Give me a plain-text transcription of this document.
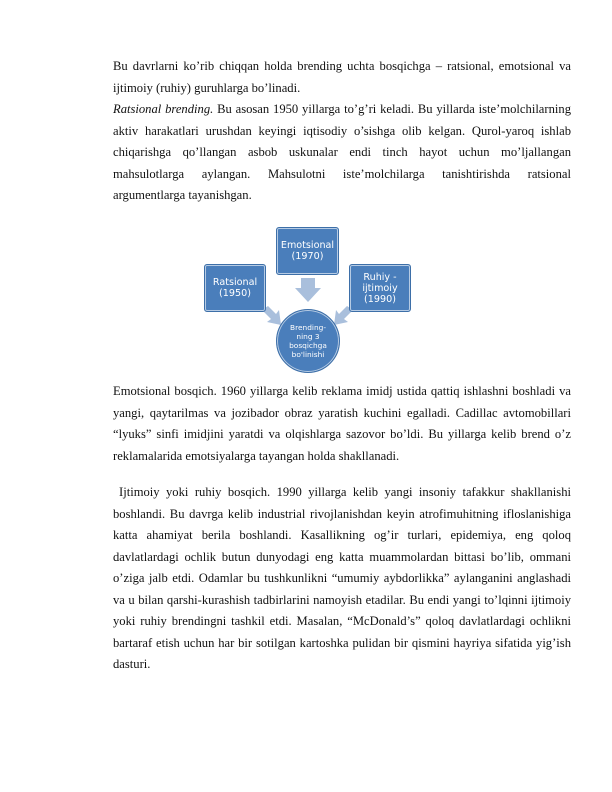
Bu davrlarni ko’rib chiqqan holda brending uchta bosqichga – ratsional, emotsional va ijtimoiy (ruhiy) guruhlarga bo’linadi.

Ratsional brending. Bu asosan 1950 yillarga to’g’ri keladi. Bu yillarda iste’molchilarning aktiv harakatlari urushdan keyingi iqtisodiy o’sishga olib kelgan. Qurol-yaroq ishlab chiqarishga qo’llangan asbob uskunalar endi tinch hayot uchun mo’ljallangan mahsulotlarga aylangan. Mahsulotni iste’molchilarga tanishtirishda ratsional argumentlarga tayanishgan.

Emotsional
(1970)
Ratsional
(1950)
Ruhiy -
ijtimoiy
(1990)
Brending-
ning 3
bosqichga
bo'linishi

Emotsional bosqich. 1960 yillarga kelib reklama imidj ustida qattiq ishlashni boshladi va yangi, qaytarilmas va jozibador obraz yaratish kuchini egalladi. Cadillac avtomobillari “lyuks” sinfi imidjini yaratdi va olqishlarga sazovor bo’ldi. Bu yillarga kelib brend o’z reklamalarida emotsiyalarga tayangan holda shakllanadi.

Ijtimoiy yoki ruhiy bosqich. 1990 yillarga kelib yangi insoniy tafakkur shakllanishi boshlandi. Bu davrga kelib industrial rivojlanishdan keyin atrofimuhitning ifloslanishiga katta ahamiyat berila boshlandi. Kasallikning og’ir turlari, epidemiya, eng qoloq davlatlardagi ochlik butun dunyodagi eng katta muammolardan bittasi bo’lib, ommani o’ziga jalb etdi. Odamlar bu tushkunlikni “umumiy aybdorlikka” aylanganini anglashadi va u bilan qarshi-kurashish tadbirlarini namoyish etadilar. Bu endi yangi to’lqinni ijtimoiy yoki ruhiy brendingni tashkil etdi. Masalan, “McDonald’s” qoloq davlatlardagi ochlikni bartaraf etish uchun har bir sotilgan kartoshka pulidan bir qismini hayriya sifatida yig’ish dasturi.
